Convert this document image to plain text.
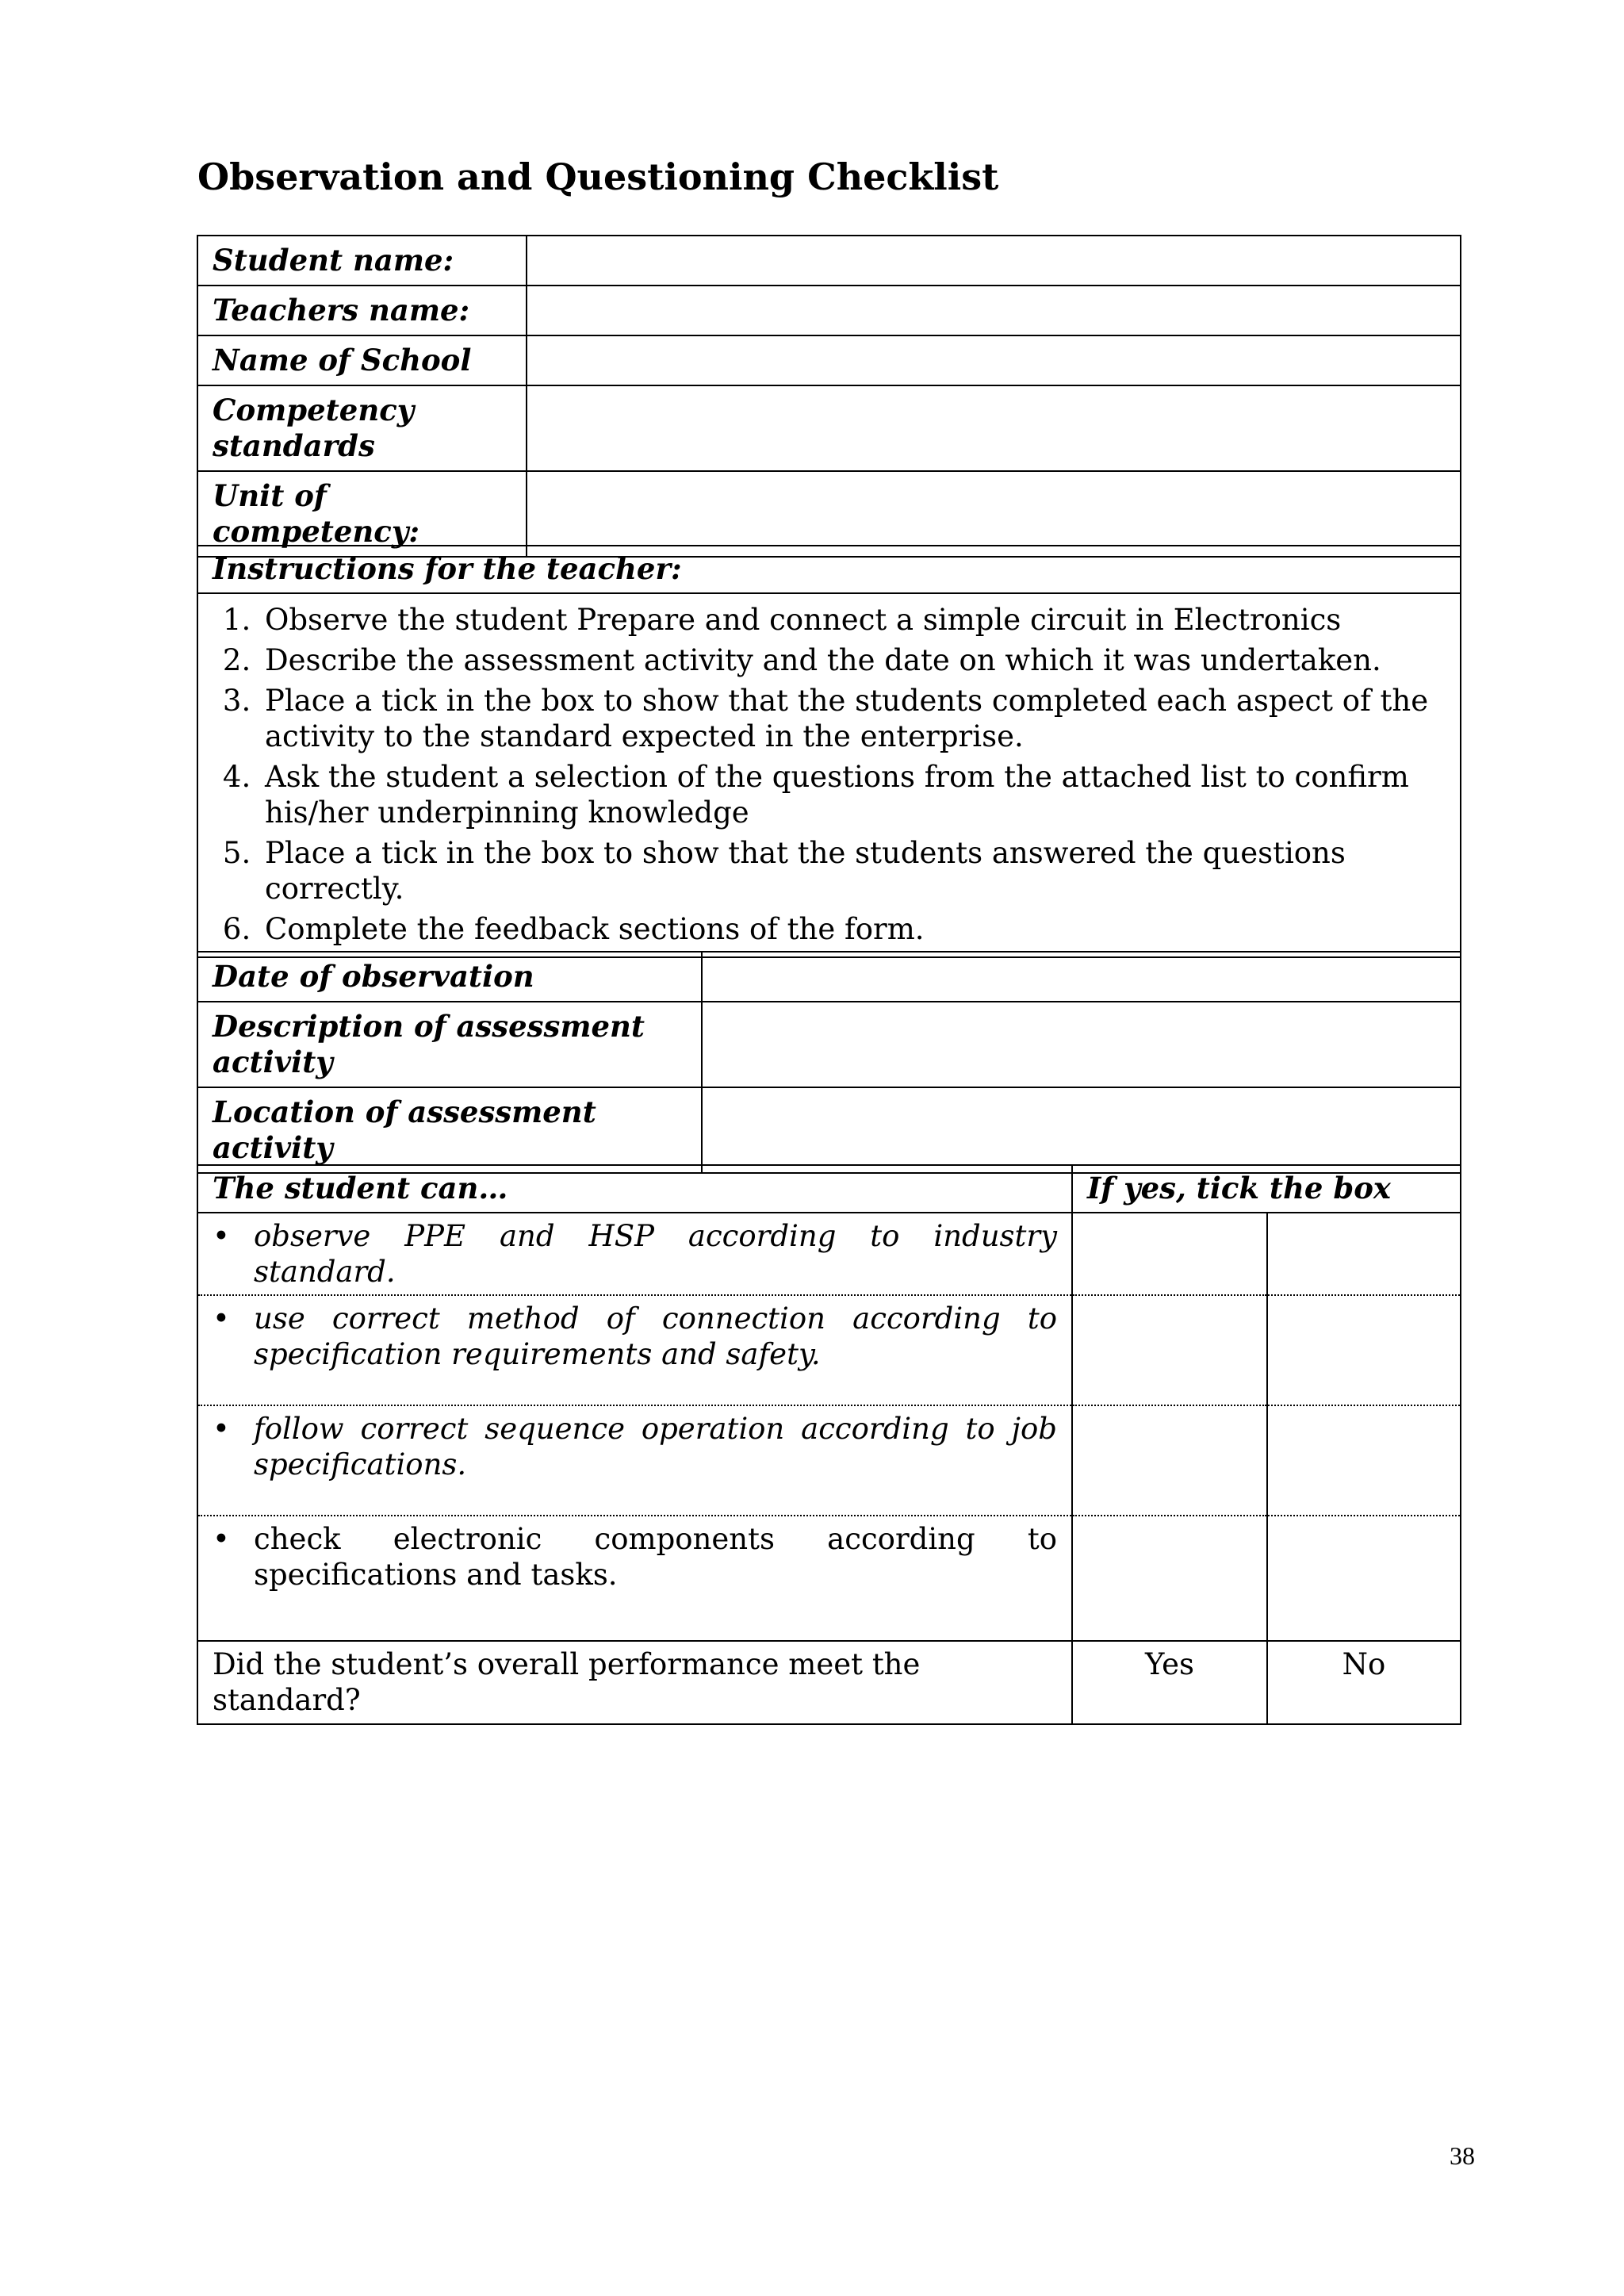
Observation and Questioning Checklist
Student name:	
Teachers name:	
Name of School	
Competency standards	
Unit of competency:	
Instructions for the teacher:

1. Observe the student Prepare and connect a simple circuit in Electronics
2. Describe the assessment activity and the date on which it was undertaken.
3. Place a tick in the box to show that the students completed each aspect of the activity to the standard expected in the enterprise.
4. Ask the student a selection of the questions from the attached list to confirm his/her underpinning knowledge
5. Place a tick in the box to show that the students answered the questions correctly.
6. Complete the feedback sections of the form.
Date of observation	
Description of assessment activity	
Location of assessment activity	
The student can…	If yes, tick the box	

• observe PPE and HSP according to industry standard.		

• use correct method of connection according to specification requirements and safety.		

• follow correct sequence operation according to job specifications.		

• check electronic components according to specifications and tasks.		

Did the student’s overall performance meet the standard?	Yes	No
38
